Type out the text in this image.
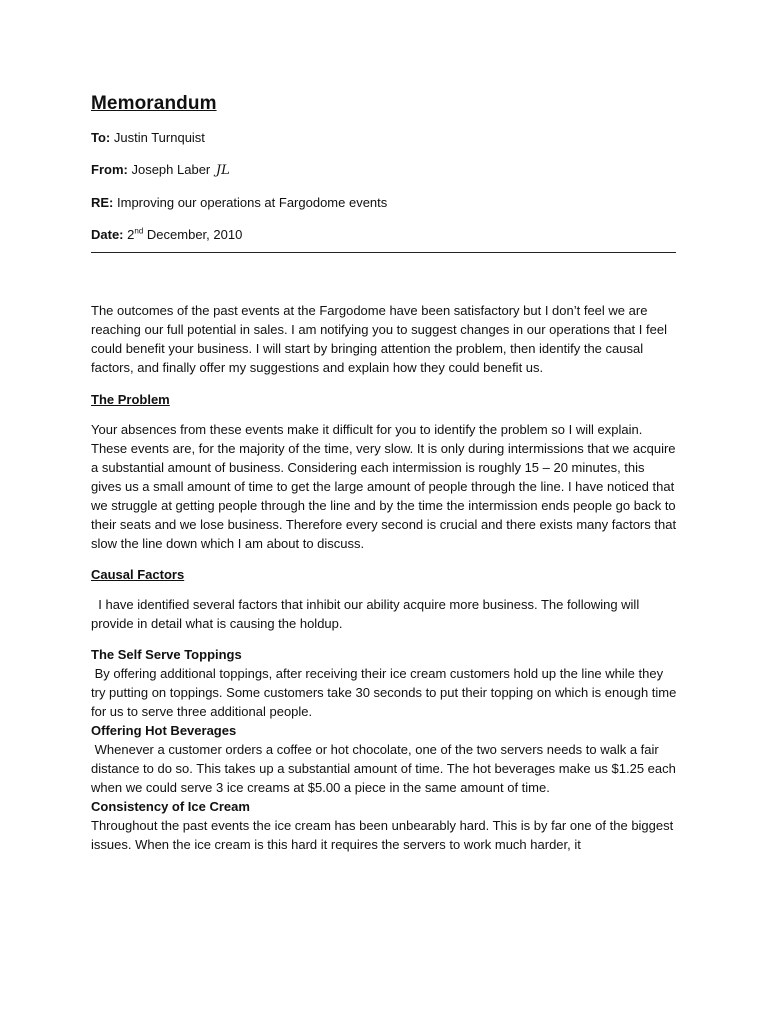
Memorandum
To: Justin Turnquist
From: Joseph Laber JL
RE: Improving our operations at Fargodome events
Date: 2nd December, 2010

The outcomes of the past events at the Fargodome have been satisfactory but I don’t feel we are reaching our full potential in sales. I am notifying you to suggest changes in our operations that I feel could benefit your business. I will start by bringing attention the problem, then identify the causal factors, and finally offer my suggestions and explain how they could benefit us.

The Problem

Your absences from these events make it difficult for you to identify the problem so I will explain. These events are, for the majority of the time, very slow. It is only during intermissions that we acquire a substantial amount of business. Considering each intermission is roughly 15 – 20 minutes, this gives us a small amount of time to get the large amount of people through the line. I have noticed that we struggle at getting people through the line and by the time the intermission ends people go back to their seats and we lose business. Therefore every second is crucial and there exists many factors that slow the line down which I am about to discuss.

Causal Factors

I have identified several factors that inhibit our ability acquire more business. The following will provide in detail what is causing the holdup.

The Self Serve Toppings

By offering additional toppings, after receiving their ice cream customers hold up the line while they try putting on toppings. Some customers take 30 seconds to put their topping on which is enough time for us to serve three additional people.

Offering Hot Beverages

Whenever a customer orders a coffee or hot chocolate, one of the two servers needs to walk a fair distance to do so. This takes up a substantial amount of time. The hot beverages make us $1.25 each when we could serve 3 ice creams at $5.00 a piece in the same amount of time.

Consistency of Ice Cream

Throughout the past events the ice cream has been unbearably hard. This is by far one of the biggest issues. When the ice cream is this hard it requires the servers to work much harder, it
